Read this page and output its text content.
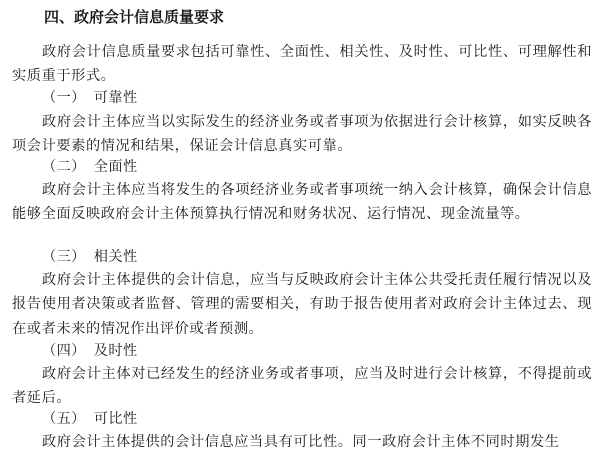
四、政府会计信息质量要求
政府会计信息质量要求包括可靠性、全面性、相关性、及时性、可比性、可理解性和实质重于形式。
（一） 可靠性
政府会计主体应当以实际发生的经济业务或者事项为依据进行会计核算，如实反映各项会计要素的情况和结果，保证会计信息真实可靠。
（二） 全面性
政府会计主体应当将发生的各项经济业务或者事项统一纳入会计核算，确保会计信息能够全面反映政府会计主体预算执行情况和财务状况、运行情况、现金流量等。
（三） 相关性
政府会计主体提供的会计信息，应当与反映政府会计主体公共受托责任履行情况以及报告使用者决策或者监督、管理的需要相关，有助于报告使用者对政府会计主体过去、现在或者未来的情况作出评价或者预测。
（四） 及时性
政府会计主体对已经发生的经济业务或者事项，应当及时进行会计核算，不得提前或者延后。
（五） 可比性
政府会计主体提供的会计信息应当具有可比性。同一政府会计主体不同时期发生
